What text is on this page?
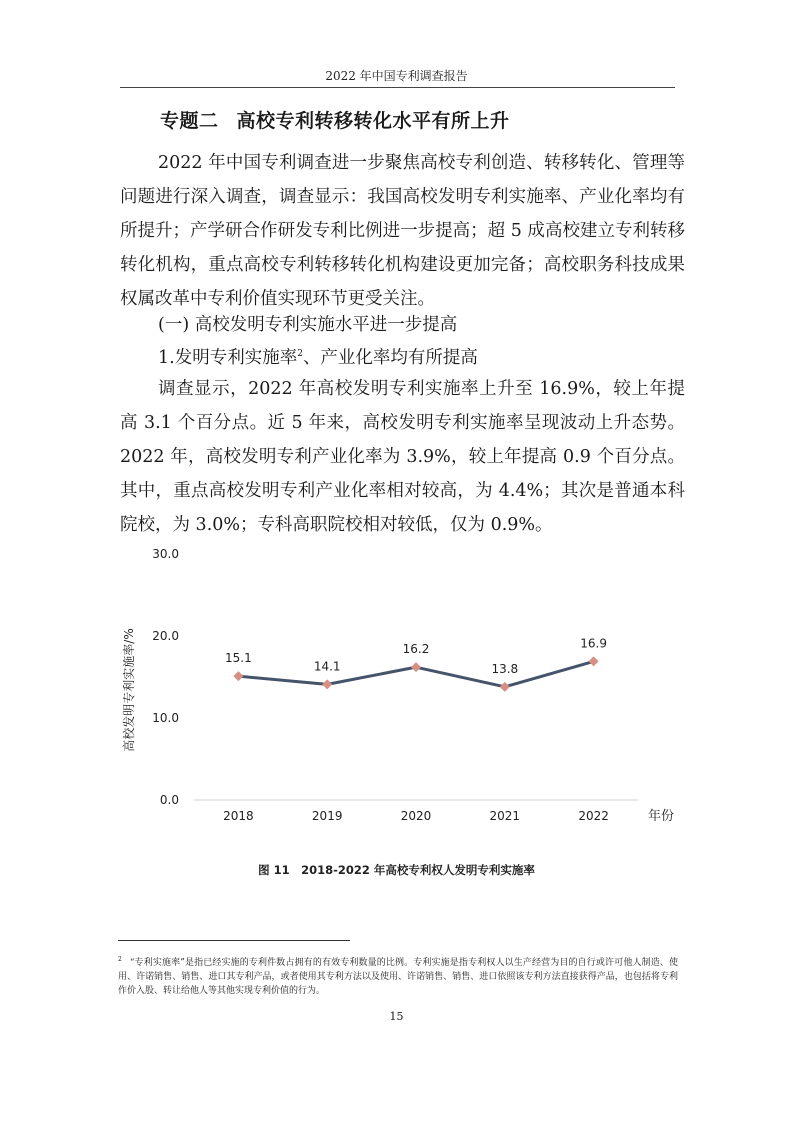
2022 年中国专利调查报告
专题二 高校专利转移转化水平有所上升

2022 年中国专利调查进一步聚焦高校专利创造、转移转化、管理等问题进行深入调查，调查显示：我国高校发明专利实施率、产业化率均有所提升；产学研合作研发专利比例进一步提高；超 5 成高校建立专利转移转化机构，重点高校专利转移转化机构建设更加完备；高校职务科技成果权属改革中专利价值实现环节更受关注。

(一) 高校发明专利实施水平进一步提高
1.发明专利实施率$^2$、产业化率均有所提高

调查显示，2022 年高校发明专利实施率上升至 16.9%，较上年提高 3.1 个百分点。近 5 年来，高校发明专利实施率呈现波动上升态势。2022 年，高校发明专利产业化率为 3.9%，较上年提高 0.9 个百分点。其中，重点高校发明专利产业化率相对较高，为 4.4%；其次是普通本科院校，为 3.0%；专科高职院校相对较低，仅为 0.9%。

0.0
10.0
20.0
30.0
2018	2019	2020	2021	2022
15.1
14.1
16.2
13.8
16.9
高校发明专利实施率/%
年份
图 11　2018-2022 年高校专利权人发明专利实施率
$^2$ “专利实施率”是指已经实施的专利件数占拥有的有效专利数量的比例。专利实施是指专利权人以生产经营为目的自行或许可他人制造、使用、许诺销售、销售、进口其专利产品，或者使用其专利方法以及使用、许诺销售、销售、进口依照该专利方法直接获得产品，也包括将专利作价入股、转让给他人等其他实现专利价值的行为。
15
